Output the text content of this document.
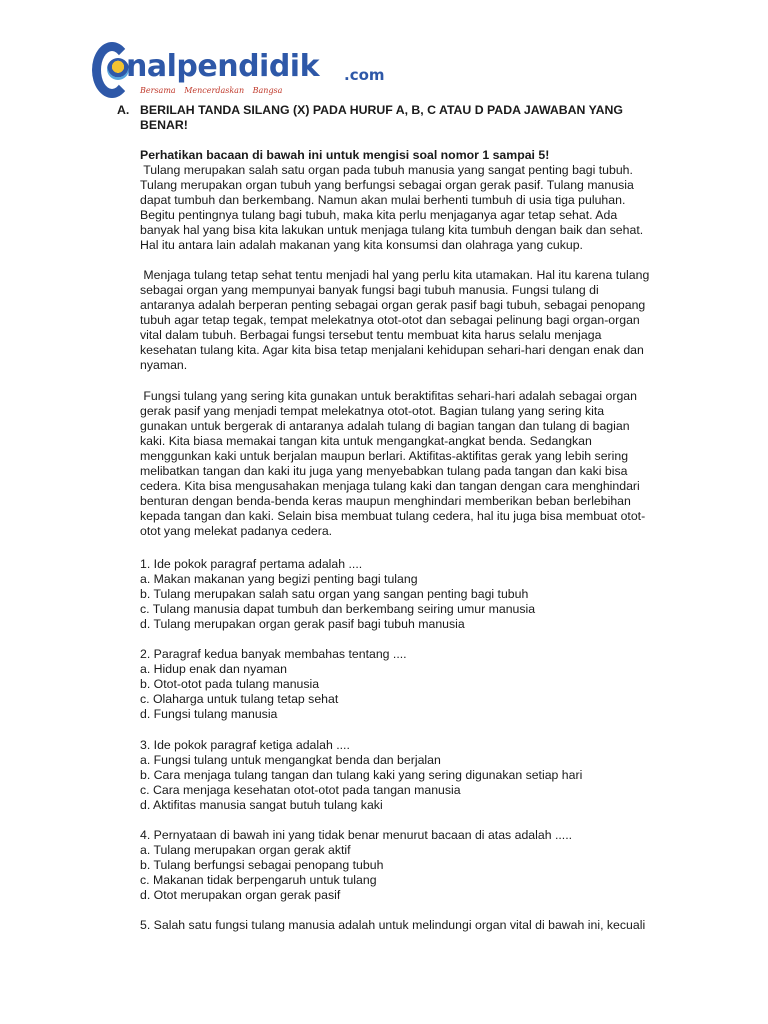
nalpendidik .com
Bersama Mencerdaskan Bangsa
A. BERILAH TANDA SILANG (X) PADA HURUF A, B, C ATAU D PADA JAWABAN YANG
BENAR!
Perhatikan bacaan di bawah ini untuk mengisi soal nomor 1 sampai 5!
Tulang merupakan salah satu organ pada tubuh manusia yang sangat penting bagi tubuh.
Tulang merupakan organ tubuh yang berfungsi sebagai organ gerak pasif. Tulang manusia
dapat tumbuh dan berkembang. Namun akan mulai berhenti tumbuh di usia tiga puluhan.
Begitu pentingnya tulang bagi tubuh, maka kita perlu menjaganya agar tetap sehat. Ada
banyak hal yang bisa kita lakukan untuk menjaga tulang kita tumbuh dengan baik dan sehat.
Hal itu antara lain adalah makanan yang kita konsumsi dan olahraga yang cukup.
Menjaga tulang tetap sehat tentu menjadi hal yang perlu kita utamakan. Hal itu karena tulang
sebagai organ yang mempunyai banyak fungsi bagi tubuh manusia. Fungsi tulang di
antaranya adalah berperan penting sebagai organ gerak pasif bagi tubuh, sebagai penopang
tubuh agar tetap tegak, tempat melekatnya otot-otot dan sebagai pelinung bagi organ-organ
vital dalam tubuh. Berbagai fungsi tersebut tentu membuat kita harus selalu menjaga
kesehatan tulang kita. Agar kita bisa tetap menjalani kehidupan sehari-hari dengan enak dan
nyaman.
Fungsi tulang yang sering kita gunakan untuk beraktifitas sehari-hari adalah sebagai organ
gerak pasif yang menjadi tempat melekatnya otot-otot. Bagian tulang yang sering kita
gunakan untuk bergerak di antaranya adalah tulang di bagian tangan dan tulang di bagian
kaki. Kita biasa memakai tangan kita untuk mengangkat-angkat benda. Sedangkan
menggunkan kaki untuk berjalan maupun berlari. Aktifitas-aktifitas gerak yang lebih sering
melibatkan tangan dan kaki itu juga yang menyebabkan tulang pada tangan dan kaki bisa
cedera. Kita bisa mengusahakan menjaga tulang kaki dan tangan dengan cara menghindari
benturan dengan benda-benda keras maupun menghindari memberikan beban berlebihan
kepada tangan dan kaki. Selain bisa membuat tulang cedera, hal itu juga bisa membuat otot-
otot yang melekat padanya cedera.
1. Ide pokok paragraf pertama adalah ....
a. Makan makanan yang begizi penting bagi tulang
b. Tulang merupakan salah satu organ yang sangan penting bagi tubuh
c. Tulang manusia dapat tumbuh dan berkembang seiring umur manusia
d. Tulang merupakan organ gerak pasif bagi tubuh manusia
2. Paragraf kedua banyak membahas tentang ....
a. Hidup enak dan nyaman
b. Otot-otot pada tulang manusia
c. Olaharga untuk tulang tetap sehat
d. Fungsi tulang manusia
3. Ide pokok paragraf ketiga adalah ....
a. Fungsi tulang untuk mengangkat benda dan berjalan
b. Cara menjaga tulang tangan dan tulang kaki yang sering digunakan setiap hari
c. Cara menjaga kesehatan otot-otot pada tangan manusia
d. Aktifitas manusia sangat butuh tulang kaki
4. Pernyataan di bawah ini yang tidak benar menurut bacaan di atas adalah .....
a. Tulang merupakan organ gerak aktif
b. Tulang berfungsi sebagai penopang tubuh
c. Makanan tidak berpengaruh untuk tulang
d. Otot merupakan organ gerak pasif
5. Salah satu fungsi tulang manusia adalah untuk melindungi organ vital di bawah ini, kecuali
